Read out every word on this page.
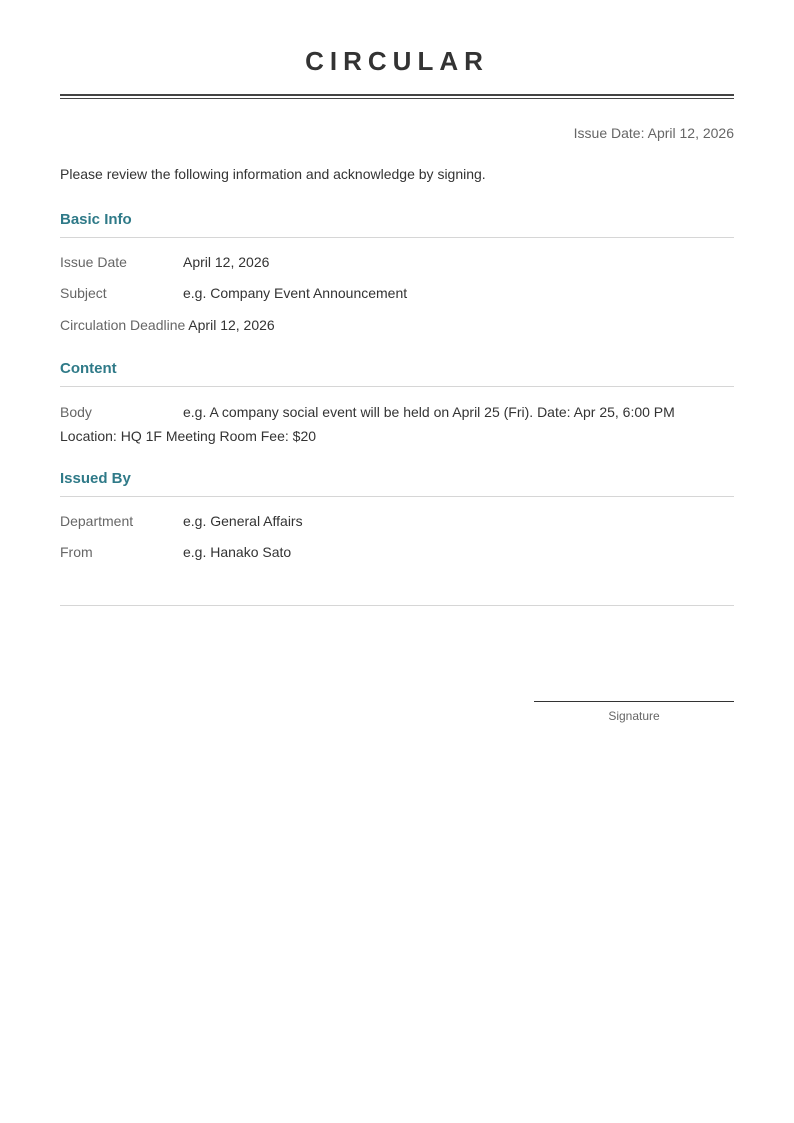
CIRCULAR
Issue Date: April 12, 2026
Please review the following information and acknowledge by signing.
Basic Info
Issue Date	April 12, 2026
Subject	e.g. Company Event Announcement
Circulation Deadline April 12, 2026
Content
Body	e.g. A company social event will be held on April 25 (Fri). Date: Apr 25, 6:00 PM Location: HQ 1F Meeting Room Fee: $20
Issued By
Department	e.g. General Affairs
From	e.g. Hanako Sato
Signature
